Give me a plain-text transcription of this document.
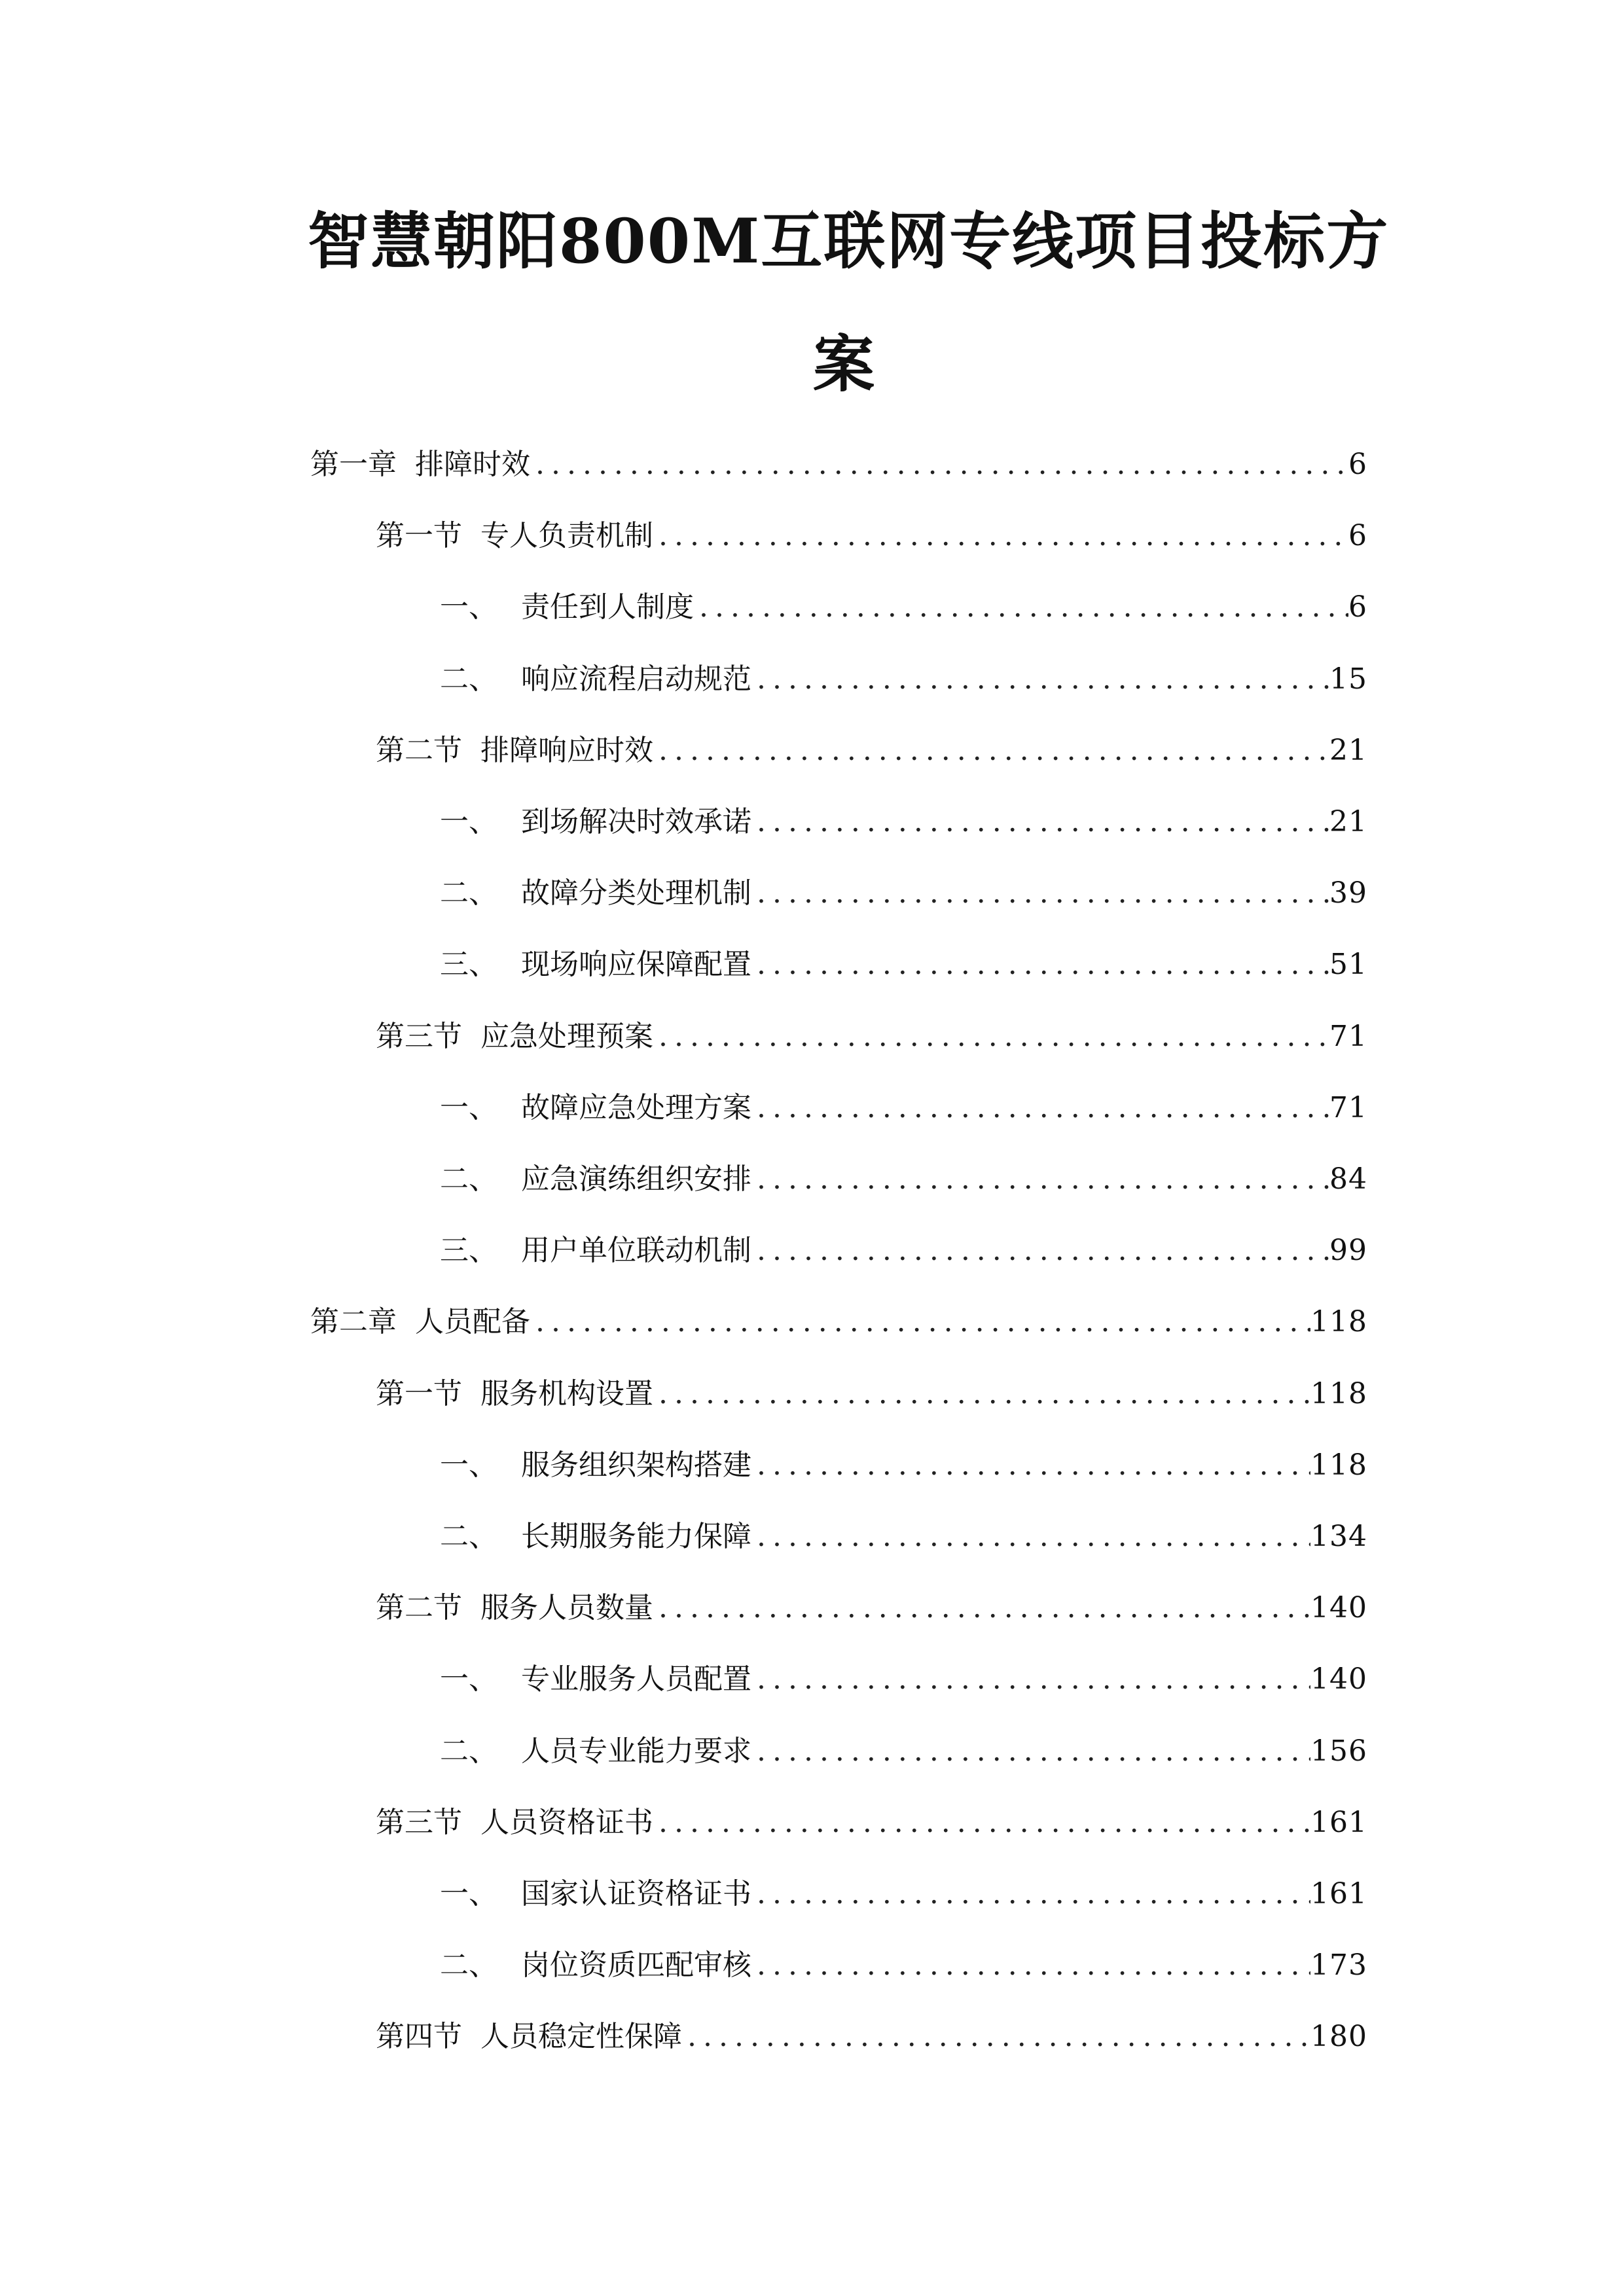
智慧朝阳800M互联网专线项目投标方
案
第一章 排障时效 .....	6
第一节 专人负责机制 .....	6
一、 责任到人制度 .....	6
二、 响应流程启动规范 .....	15
第二节 排障响应时效 .....	21
一、 到场解决时效承诺 .....	21
二、 故障分类处理机制 .....	39
三、 现场响应保障配置 .....	51
第三节 应急处理预案 .....	71
一、 故障应急处理方案 .....	71
二、 应急演练组织安排 .....	84
三、 用户单位联动机制 .....	99
第二章 人员配备 .....	118
第一节 服务机构设置 .....	118
一、 服务组织架构搭建 .....	118
二、 长期服务能力保障 .....	134
第二节 服务人员数量 .....	140
一、 专业服务人员配置 .....	140
二、 人员专业能力要求 .....	156
第三节 人员资格证书 .....	161
一、 国家认证资格证书 .....	161
二、 岗位资质匹配审核 .....	173
第四节 人员稳定性保障 .....	180
